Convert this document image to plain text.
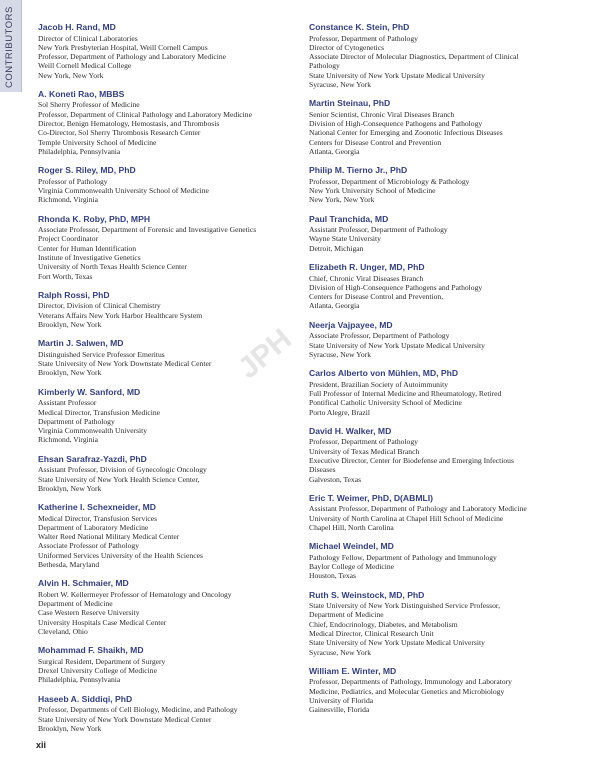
CONTRIBUTORS
JPH
Jacob H. Rand, MD
Director of Clinical Laboratories
New York Presbyterian Hospital, Weill Cornell Campus
Professor, Department of Pathology and Laboratory Medicine
Weill Cornell Medical College
New York, New York
A. Koneti Rao, MBBS
Sol Sherry Professor of Medicine
Professor, Department of Clinical Pathology and Laboratory Medicine
Director, Benign Hematology, Hemostasis, and Thrombosis
Co-Director, Sol Sherry Thrombosis Research Center
Temple University School of Medicine
Philadelphia, Pennsylvania
Roger S. Riley, MD, PhD
Professor of Pathology
Virginia Commonwealth University School of Medicine
Richmond, Virginia
Rhonda K. Roby, PhD, MPH
Associate Professor, Department of Forensic and Investigative Genetics
Project Coordinator
Center for Human Identification
Institute of Investigative Genetics
University of North Texas Health Science Center
Fort Worth, Texas
Ralph Rossi, PhD
Director, Division of Clinical Chemistry
Veterans Affairs New York Harbor Healthcare System
Brooklyn, New York
Martin J. Salwen, MD
Distinguished Service Professor Emeritus
State University of New York Downstate Medical Center
Brooklyn, New York
Kimberly W. Sanford, MD
Assistant Professor
Medical Director, Transfusion Medicine
Department of Pathology
Virginia Commonwealth University
Richmond, Virginia
Ehsan Sarafraz-Yazdi, PhD
Assistant Professor, Division of Gynecologic Oncology
State University of New York Health Science Center,
Brooklyn, New York
Katherine I. Schexneider, MD
Medical Director, Transfusion Services
Department of Laboratory Medicine
Walter Reed National Military Medical Center
Associate Professor of Pathology
Uniformed Services University of the Health Sciences
Bethesda, Maryland
Alvin H. Schmaier, MD
Robert W. Kellermeyer Professor of Hematology and Oncology
Department of Medicine
Case Western Reserve University
University Hospitals Case Medical Center
Cleveland, Ohio
Mohammad F. Shaikh, MD
Surgical Resident, Department of Surgery
Drexel University College of Medicine
Philadelphia, Pennsylvania
Haseeb A. Siddiqi, PhD
Professor, Departments of Cell Biology, Medicine, and Pathology
State University of New York Downstate Medical Center
Brooklyn, New York
Constance K. Stein, PhD
Professor, Department of Pathology
Director of Cytogenetics
Associate Director of Molecular Diagnostics, Department of Clinical
Pathology
State University of New York Upstate Medical University
Syracuse, New York
Martin Steinau, PhD
Senior Scientist, Chronic Viral Diseases Branch
Division of High-Consequence Pathogens and Pathology
National Center for Emerging and Zoonotic Infectious Diseases
Centers for Disease Control and Prevention
Atlanta, Georgia
Philip M. Tierno Jr., PhD
Professor, Department of Microbiology & Pathology
New York University School of Medicine
New York, New York
Paul Tranchida, MD
Assistant Professor, Department of Pathology
Wayne State University
Detroit, Michigan
Elizabeth R. Unger, MD, PhD
Chief, Chronic Viral Diseases Branch
Division of High-Consequence Pathogens and Pathology
Centers for Disease Control and Prevention,
Atlanta, Georgia
Neerja Vajpayee, MD
Associate Professor, Department of Pathology
State University of New York Upstate Medical University
Syracuse, New York
Carlos Alberto von Mühlen, MD, PhD
President, Brazilian Society of Autoimmunity
Full Professor of Internal Medicine and Rheumatology, Retired
Pontifical Catholic University School of Medicine
Porto Alegre, Brazil
David H. Walker, MD
Professor, Department of Pathology
University of Texas Medical Branch
Executive Director, Center for Biodefense and Emerging Infectious
Diseases
Galveston, Texas
Eric T. Weimer, PhD, D(ABMLI)
Assistant Professor, Department of Pathology and Laboratory Medicine
University of North Carolina at Chapel Hill School of Medicine
Chapel Hill, North Carolina
Michael Weindel, MD
Pathology Fellow, Department of Pathology and Immunology
Baylor College of Medicine
Houston, Texas
Ruth S. Weinstock, MD, PhD
State University of New York Distinguished Service Professor,
Department of Medicine
Chief, Endocrinology, Diabetes, and Metabolism
Medical Director, Clinical Research Unit
State University of New York Upstate Medical University
Syracuse, New York
William E. Winter, MD
Professor, Departments of Pathology, Immunology and Laboratory
Medicine, Pediatrics, and Molecular Genetics and Microbiology
University of Florida
Gainesville, Florida
xii
